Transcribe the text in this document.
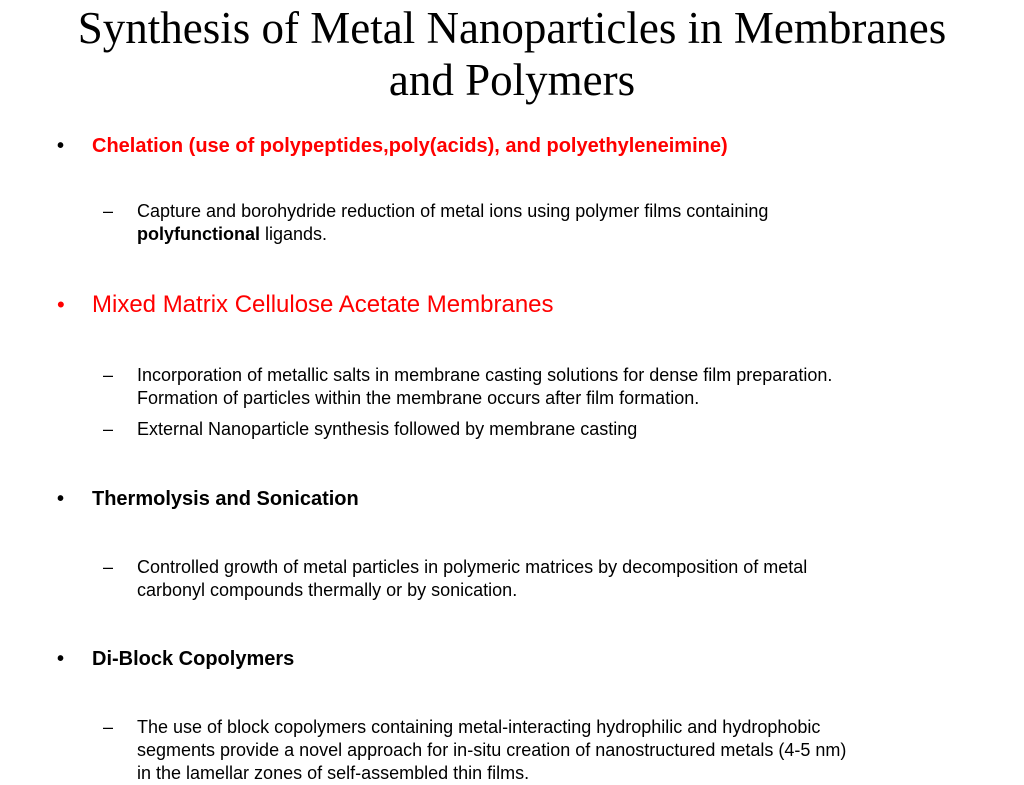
Synthesis of Metal Nanoparticles in Membranes
and Polymers
• Chelation (use of polypeptides,poly(acids), and polyethyleneimine)
– Capture and borohydride reduction of metal ions using polymer films containing
polyfunctional ligands.
• Mixed Matrix Cellulose Acetate Membranes
– Incorporation of metallic salts in membrane casting solutions for dense film preparation.
Formation of particles within the membrane occurs after film formation.
– External Nanoparticle synthesis followed by membrane casting
• Thermolysis and Sonication
– Controlled growth of metal particles in polymeric matrices by decomposition of metal
carbonyl compounds thermally or by sonication.
• Di-Block Copolymers
– The use of block copolymers containing metal-interacting hydrophilic and hydrophobic
segments provide a novel approach for in-situ creation of nanostructured metals (4-5 nm)
in the lamellar zones of self-assembled thin films.
